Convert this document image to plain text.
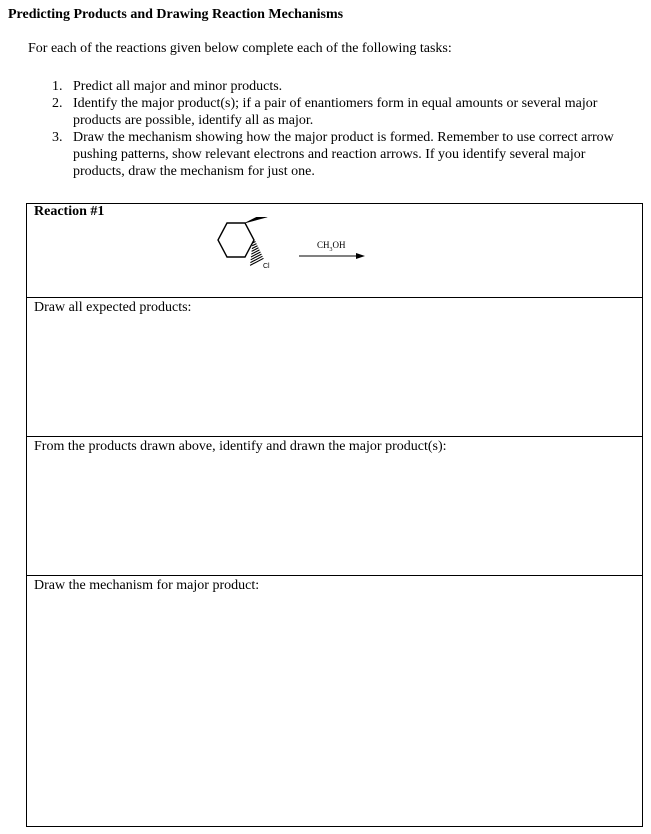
Predicting Products and Drawing Reaction Mechanisms

For each of the reactions given below complete each of the following tasks:

1. Predict all major and minor products.
2. Identify the major product(s); if a pair of enantiomers form in equal amounts or several major products are possible, identify all as major.
3. Draw the mechanism showing how the major product is formed. Remember to use correct arrow pushing patterns, show relevant electrons and reaction arrows. If you identify several major products, draw the mechanism for just one.

Reaction #1

Cl
$CH_3OH$

Draw all expected products:

From the products drawn above, identify and drawn the major product(s):

Draw the mechanism for major product:
